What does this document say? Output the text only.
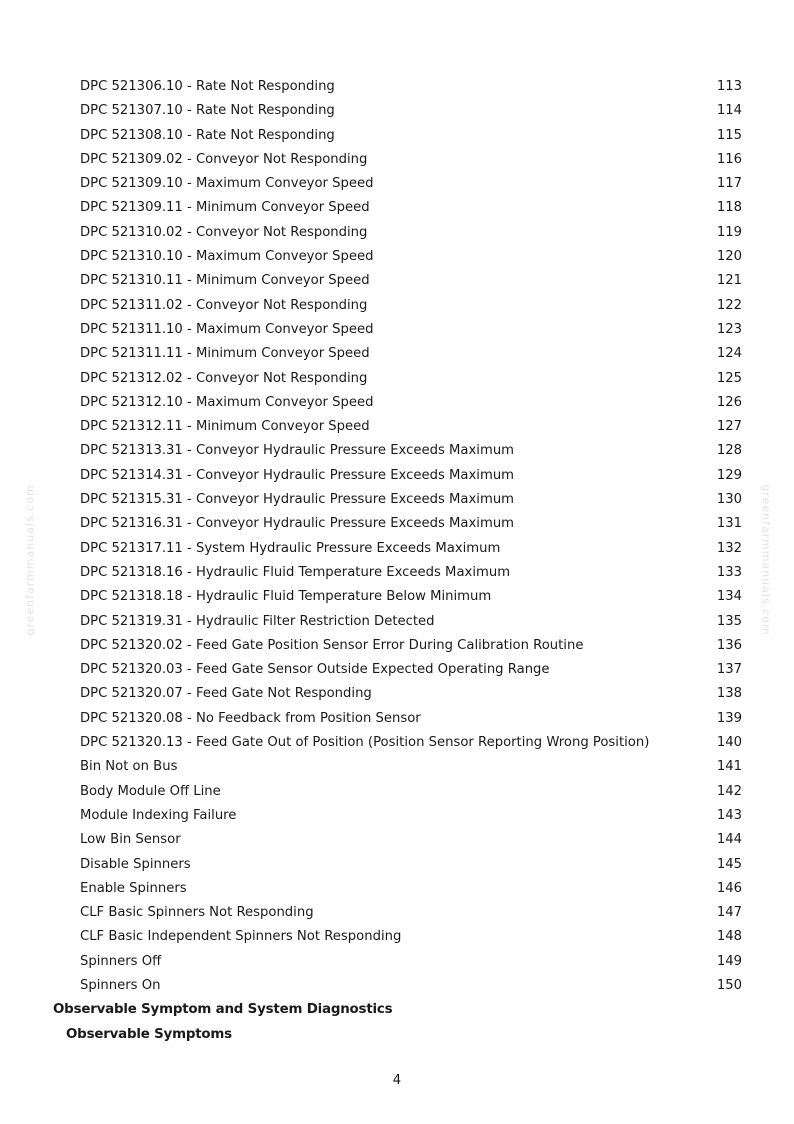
DPC 521306.10 - Rate Not Responding	113
DPC 521307.10 - Rate Not Responding	114
DPC 521308.10 - Rate Not Responding	115
DPC 521309.02 - Conveyor Not Responding	116
DPC 521309.10 - Maximum Conveyor Speed	117
DPC 521309.11 - Minimum Conveyor Speed	118
DPC 521310.02 - Conveyor Not Responding	119
DPC 521310.10 - Maximum Conveyor Speed	120
DPC 521310.11 - Minimum Conveyor Speed	121
DPC 521311.02 - Conveyor Not Responding	122
DPC 521311.10 - Maximum Conveyor Speed	123
DPC 521311.11 - Minimum Conveyor Speed	124
DPC 521312.02 - Conveyor Not Responding	125
DPC 521312.10 - Maximum Conveyor Speed	126
DPC 521312.11 - Minimum Conveyor Speed	127
DPC 521313.31 - Conveyor Hydraulic Pressure Exceeds Maximum	128
DPC 521314.31 - Conveyor Hydraulic Pressure Exceeds Maximum	129
DPC 521315.31 - Conveyor Hydraulic Pressure Exceeds Maximum	130
DPC 521316.31 - Conveyor Hydraulic Pressure Exceeds Maximum	131
DPC 521317.11 - System Hydraulic Pressure Exceeds Maximum	132
DPC 521318.16 - Hydraulic Fluid Temperature Exceeds Maximum	133
DPC 521318.18 - Hydraulic Fluid Temperature Below Minimum	134
DPC 521319.31 - Hydraulic Filter Restriction Detected	135
DPC 521320.02 - Feed Gate Position Sensor Error During Calibration Routine	136
DPC 521320.03 - Feed Gate Sensor Outside Expected Operating Range	137
DPC 521320.07 - Feed Gate Not Responding	138
DPC 521320.08 - No Feedback from Position Sensor	139
DPC 521320.13 - Feed Gate Out of Position (Position Sensor Reporting Wrong Position)	140
Bin Not on Bus	141
Body Module Off Line	142
Module Indexing Failure	143
Low Bin Sensor	144
Disable Spinners	145
Enable Spinners	146
CLF Basic Spinners Not Responding	147
CLF Basic Independent Spinners Not Responding	148
Spinners Off	149
Spinners On	150
Observable Symptom and System Diagnostics
Observable Symptoms
greenfarmmanuals.com	greenfarmmanuals.com
4
